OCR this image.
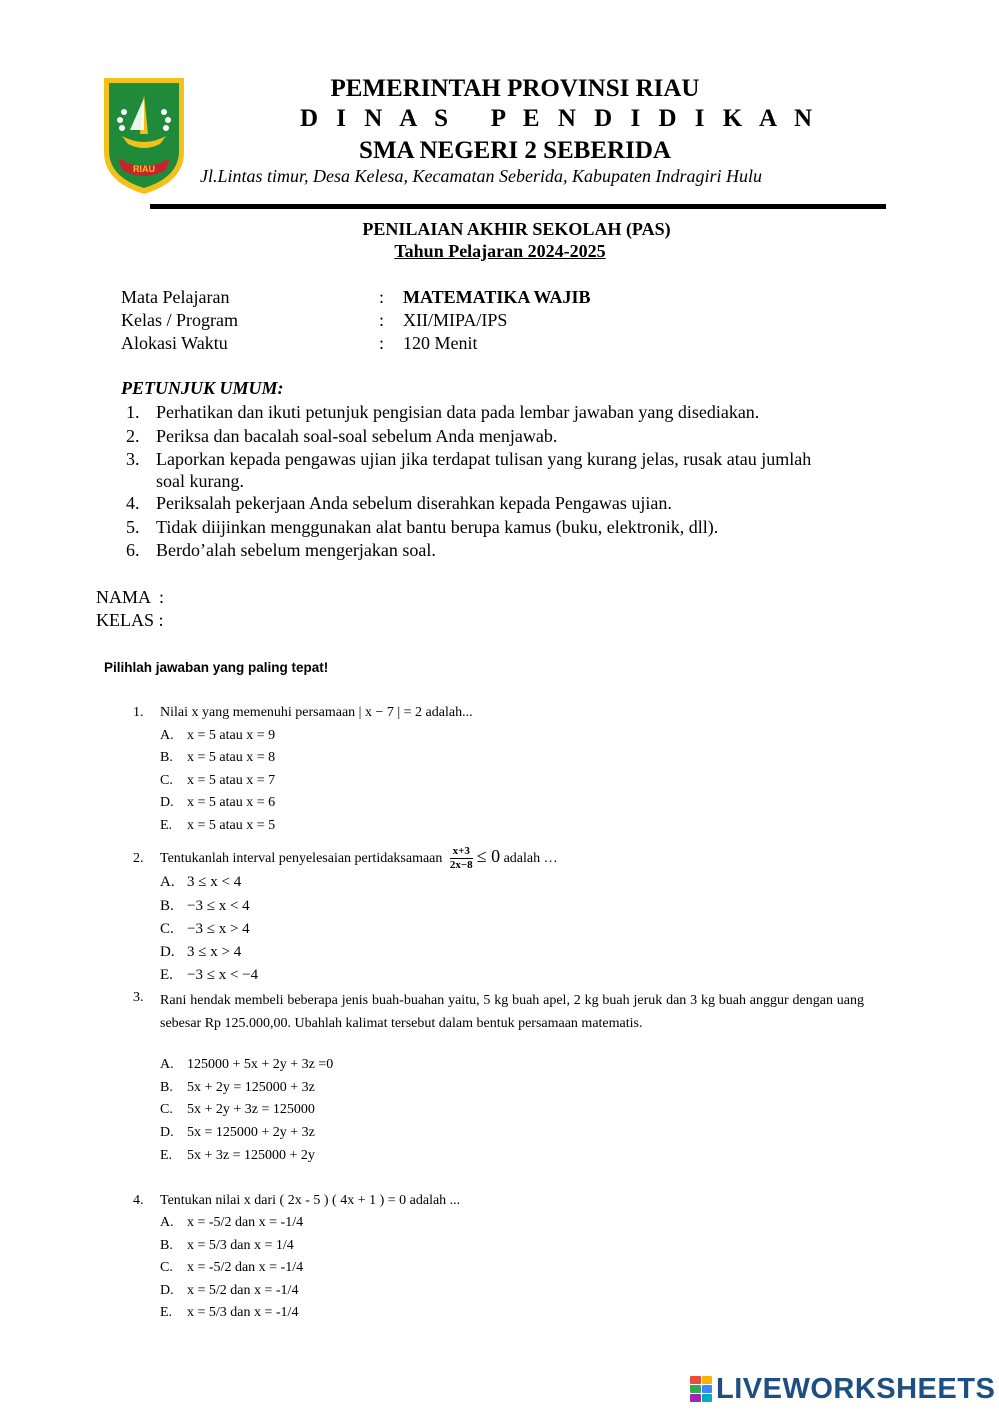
RIAU
PEMERINTAH PROVINSI RIAU
D I N A S   P E N D I D I K A N
SMA NEGERI 2 SEBERIDA
Jl.Lintas timur, Desa Kelesa, Kecamatan Seberida, Kabupaten Indragiri Hulu
PENILAIAN AKHIR SEKOLAH (PAS)
Tahun Pelajaran 2024-2025
Mata Pelajaran	: MATEMATIKA WAJIB
Kelas / Program	: XII/MIPA/IPS
Alokasi Waktu	: 120 Menit
PETUNJUK UMUM:
1. Perhatikan dan ikuti petunjuk pengisian data pada lembar jawaban yang disediakan.
2. Periksa dan bacalah soal-soal sebelum Anda menjawab.
3. Laporkan kepada pengawas ujian jika terdapat tulisan yang kurang jelas, rusak atau jumlah soal kurang.
4. Periksalah pekerjaan Anda sebelum diserahkan kepada Pengawas ujian.
5. Tidak diijinkan menggunakan alat bantu berupa kamus (buku, elektronik, dll).
6. Berdo’alah sebelum mengerjakan soal.
NAMA  :
KELAS :
Pilihlah jawaban yang paling tepat!
1. Nilai x yang memenuhi persamaan | x − 7 | = 2 adalah...
A. x = 5 atau x = 9
B. x = 5 atau x = 8
C. x = 5 atau x = 7
D. x = 5 atau x = 6
E. x = 5 atau x = 5
2. Tentukanlah interval penyelesaian pertidaksamaan $\frac{x+3}{2x-8} \le 0$ adalah …
A. 3 ≤ x < 4
B. −3 ≤ x < 4
C. −3 ≤ x > 4
D. 3 ≤ x > 4
E. −3 ≤ x < −4
3.	Rani hendak membeli beberapa jenis buah-buahan yaitu, 5 kg buah apel, 2 kg buah jeruk dan 3 kg buah anggur dengan uang sebesar Rp 125.000,00. Ubahlah kalimat tersebut dalam bentuk persamaan matematis.
A. 125000 + 5x + 2y + 3z =0
B. 5x + 2y = 125000 + 3z
C. 5x + 2y + 3z = 125000
D. 5x = 125000 + 2y + 3z
E. 5x + 3z = 125000 + 2y
4. Tentukan nilai x dari ( 2x - 5 ) ( 4x + 1 ) = 0 adalah ...
A. x = -5/2 dan x = -1/4
B. x = 5/3 dan x = 1/4
C. x = -5/2 dan x = -1/4
D. x = 5/2 dan x = -1/4
E. x = 5/3 dan x = -1/4
LIVEWORKSHEETS
